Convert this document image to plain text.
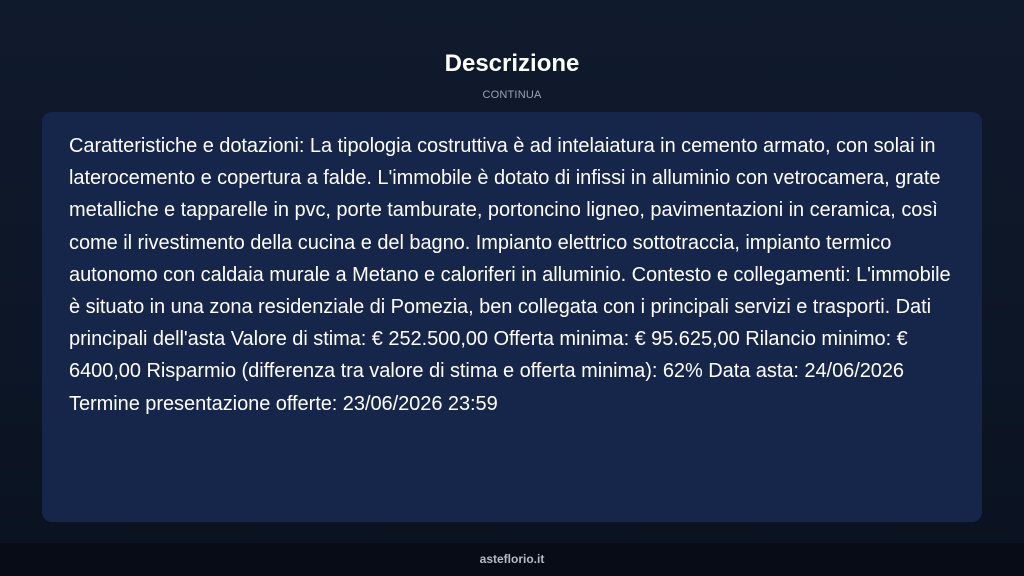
Descrizione
CONTINUA

Caratteristiche e dotazioni: La tipologia costruttiva è ad intelaiatura in cemento armato, con solai in laterocemento e copertura a falde. L'immobile è dotato di infissi in alluminio con vetrocamera, grate metalliche e tapparelle in pvc, porte tamburate, portoncino ligneo, pavimentazioni in ceramica, così come il rivestimento della cucina e del bagno. Impianto elettrico sottotraccia, impianto termico autonomo con caldaia murale a Metano e caloriferi in alluminio. Contesto e collegamenti: L'immobile è situato in una zona residenziale di Pomezia, ben collegata con i principali servizi e trasporti. Dati principali dell'asta Valore di stima: € 252.500,00 Offerta minima: € 95.625,00 Rilancio minimo: € 6400,00 Risparmio (differenza tra valore di stima e offerta minima): 62% Data asta: 24/06/2026 Termine presentazione offerte: 23/06/2026 23:59

asteflorio.it
